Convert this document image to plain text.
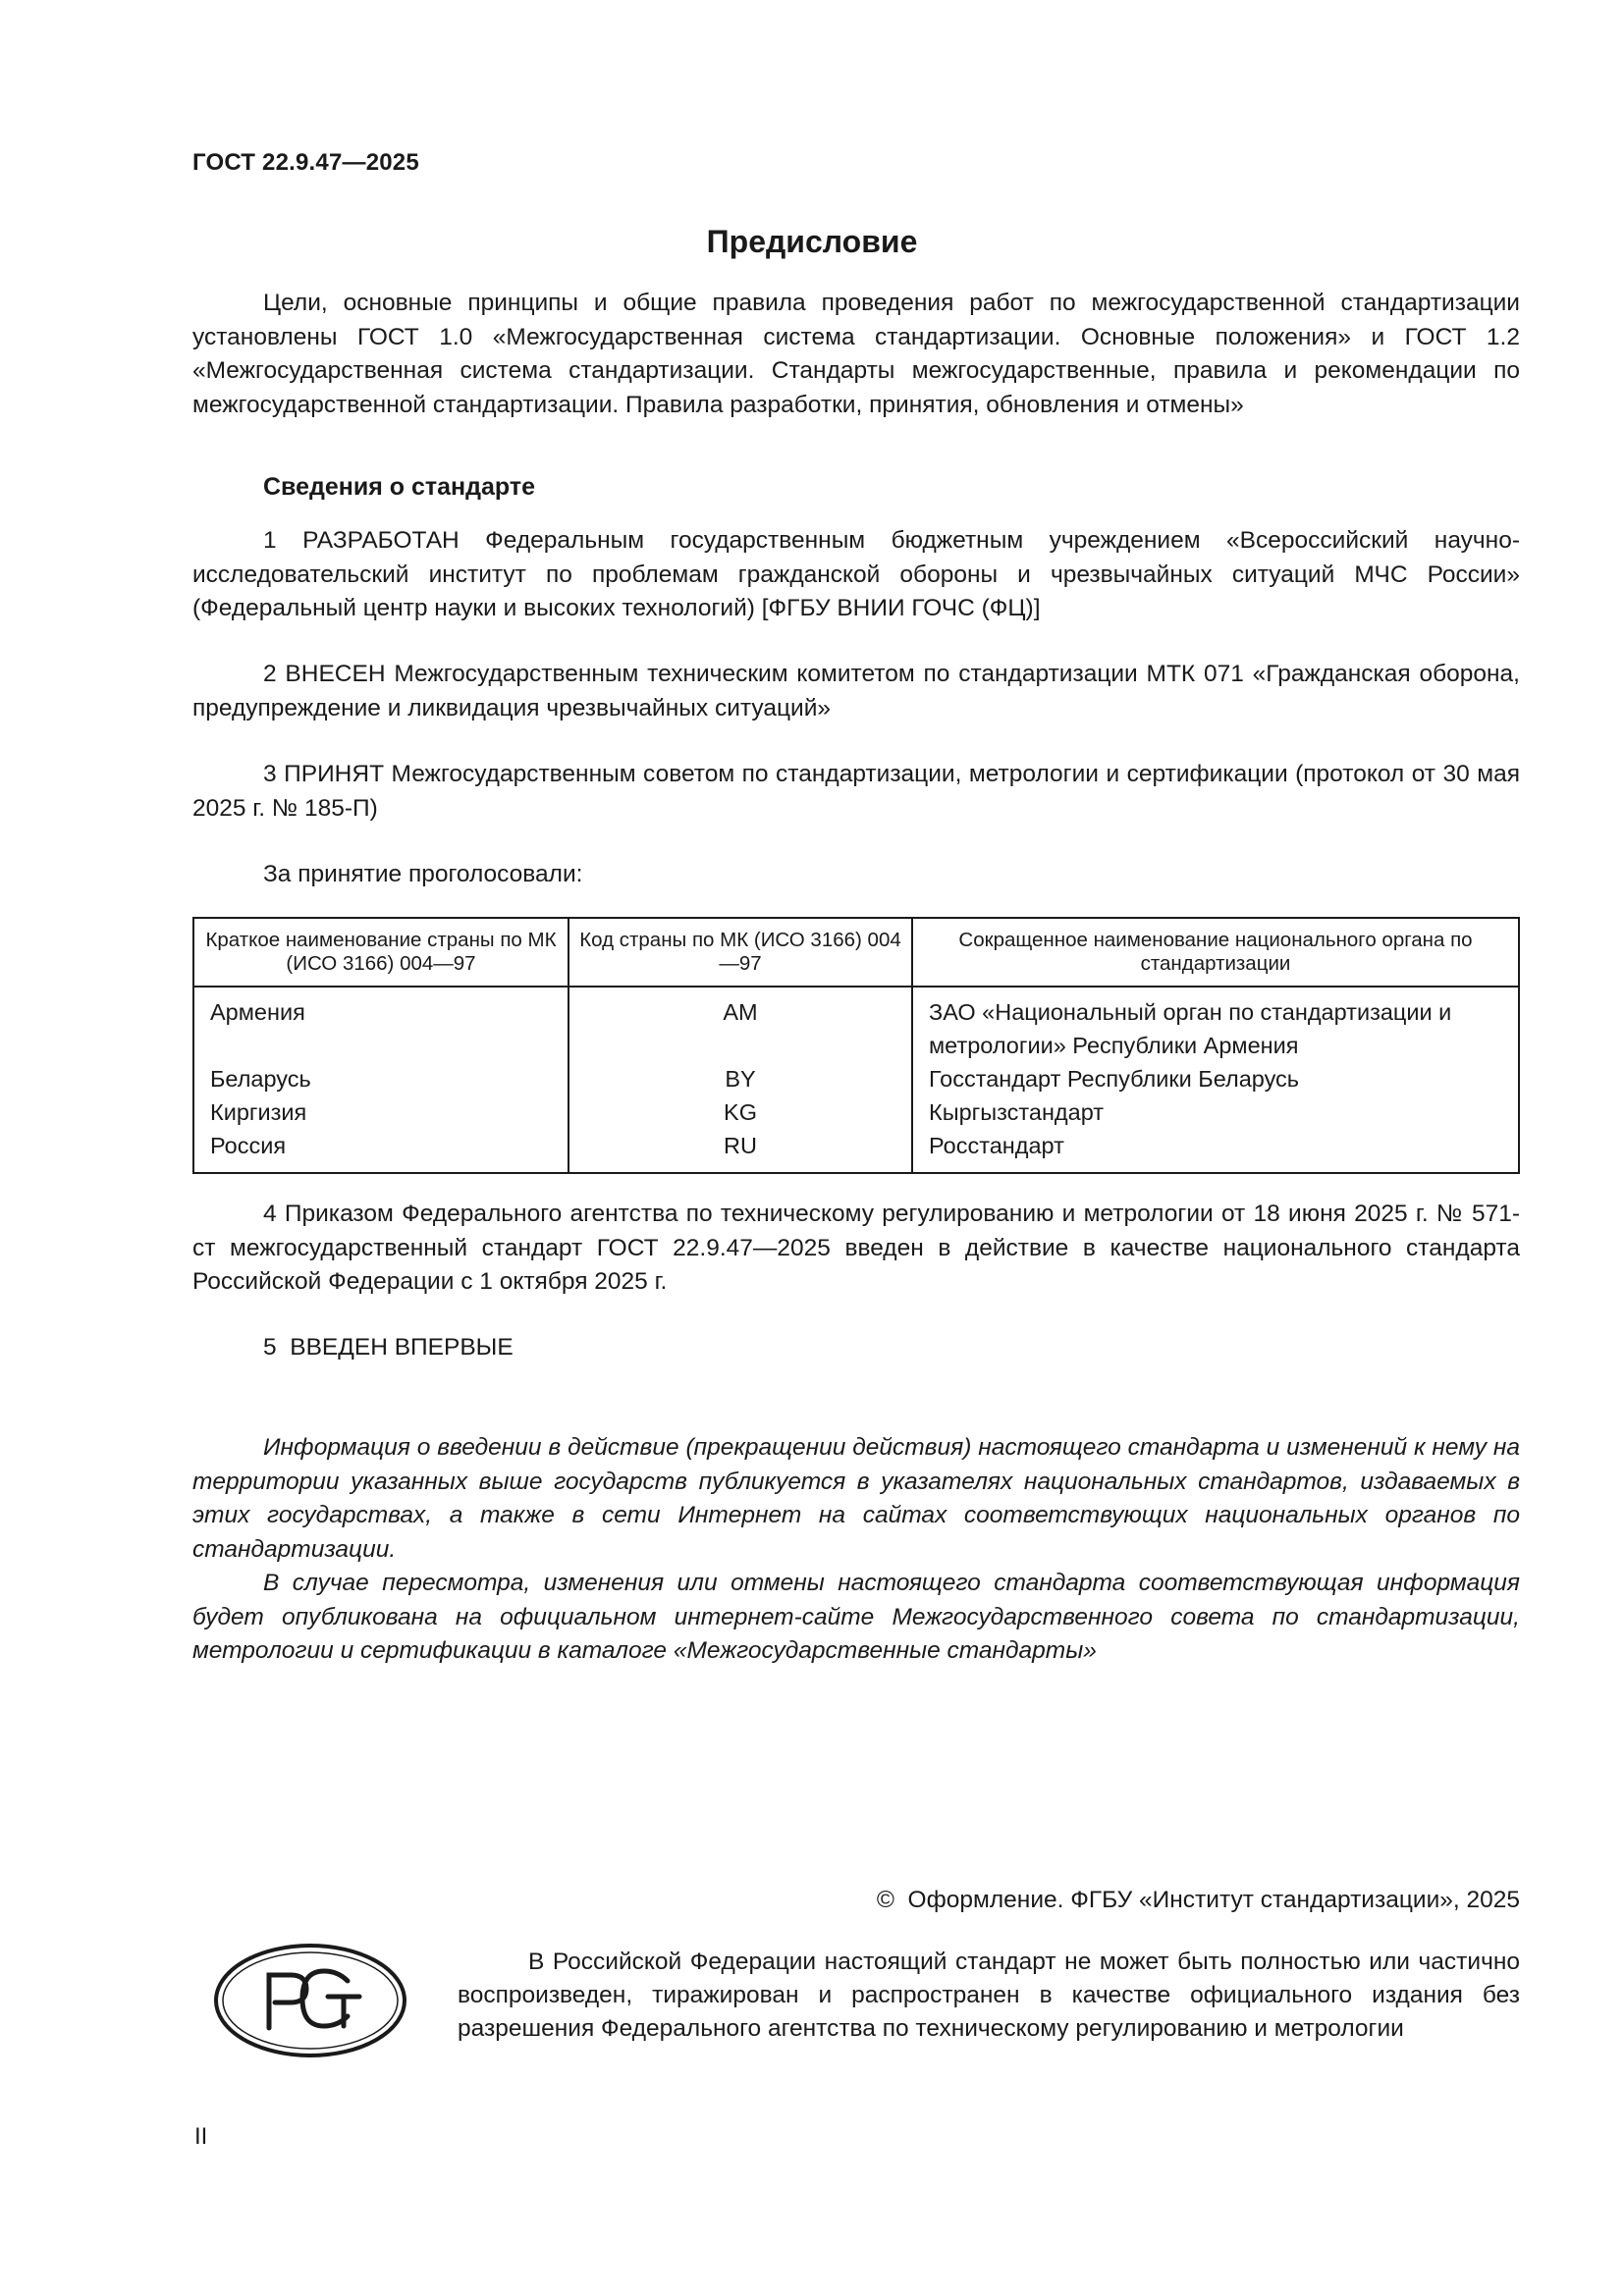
ГОСТ 22.9.47—2025
Предисловие

Цели, основные принципы и общие правила проведения работ по межгосударственной стандартизации установлены ГОСТ 1.0 «Межгосударственная система стандартизации. Основные положения» и ГОСТ 1.2 «Межгосударственная система стандартизации. Стандарты межгосударственные, правила и рекомендации по межгосударственной стандартизации. Правила разработки, принятия, обновления и отмены»

Сведения о стандарте

1 РАЗРАБОТАН Федеральным государственным бюджетным учреждением «Всероссийский научно-исследовательский институт по проблемам гражданской обороны и чрезвычайных ситуаций МЧС России» (Федеральный центр науки и высоких технологий) [ФГБУ ВНИИ ГОЧС (ФЦ)]

2 ВНЕСЕН Межгосударственным техническим комитетом по стандартизации МТК 071 «Гражданская оборона, предупреждение и ликвидация чрезвычайных ситуаций»

3 ПРИНЯТ Межгосударственным советом по стандартизации, метрологии и сертификации (протокол от 30 мая 2025 г. № 185-П)

За принятие проголосовали:

Краткое наименование страны по МК (ИСО 3166) 004—97	Код страны по МК (ИСО 3166) 004—97	Сокращенное наименование национального органа по стандартизации
Армения	AM	ЗАО «Национальный орган по стандартизации и метрологии» Республики Армения
Беларусь	BY	Госстандарт Республики Беларусь
Киргизия	KG	Кыргызстандарт
Россия	RU	Росстандарт

4 Приказом Федерального агентства по техническому регулированию и метрологии от 18 июня 2025 г. № 571-ст межгосударственный стандарт ГОСТ 22.9.47—2025 введен в действие в качестве национального стандарта Российской Федерации с 1 октября 2025 г.

5  ВВЕДЕН ВПЕРВЫЕ

Информация о введении в действие (прекращении действия) настоящего стандарта и изменений к нему на территории указанных выше государств публикуется в указателях национальных стандартов, издаваемых в этих государствах, а также в сети Интернет на сайтах соответствующих национальных органов по стандартизации.

В случае пересмотра, изменения или отмены настоящего стандарта соответствующая информация будет опубликована на официальном интернет-сайте Межгосударственного совета по стандартизации, метрологии и сертификации в каталоге «Межгосударственные стандарты»

©  Оформление. ФГБУ «Институт стандартизации», 2025

В Российской Федерации настоящий стандарт не может быть полностью или частично воспроизведен, тиражирован и распространен в качестве официального издания без разрешения Федерального агентства по техническому регулированию и метрологии

II
